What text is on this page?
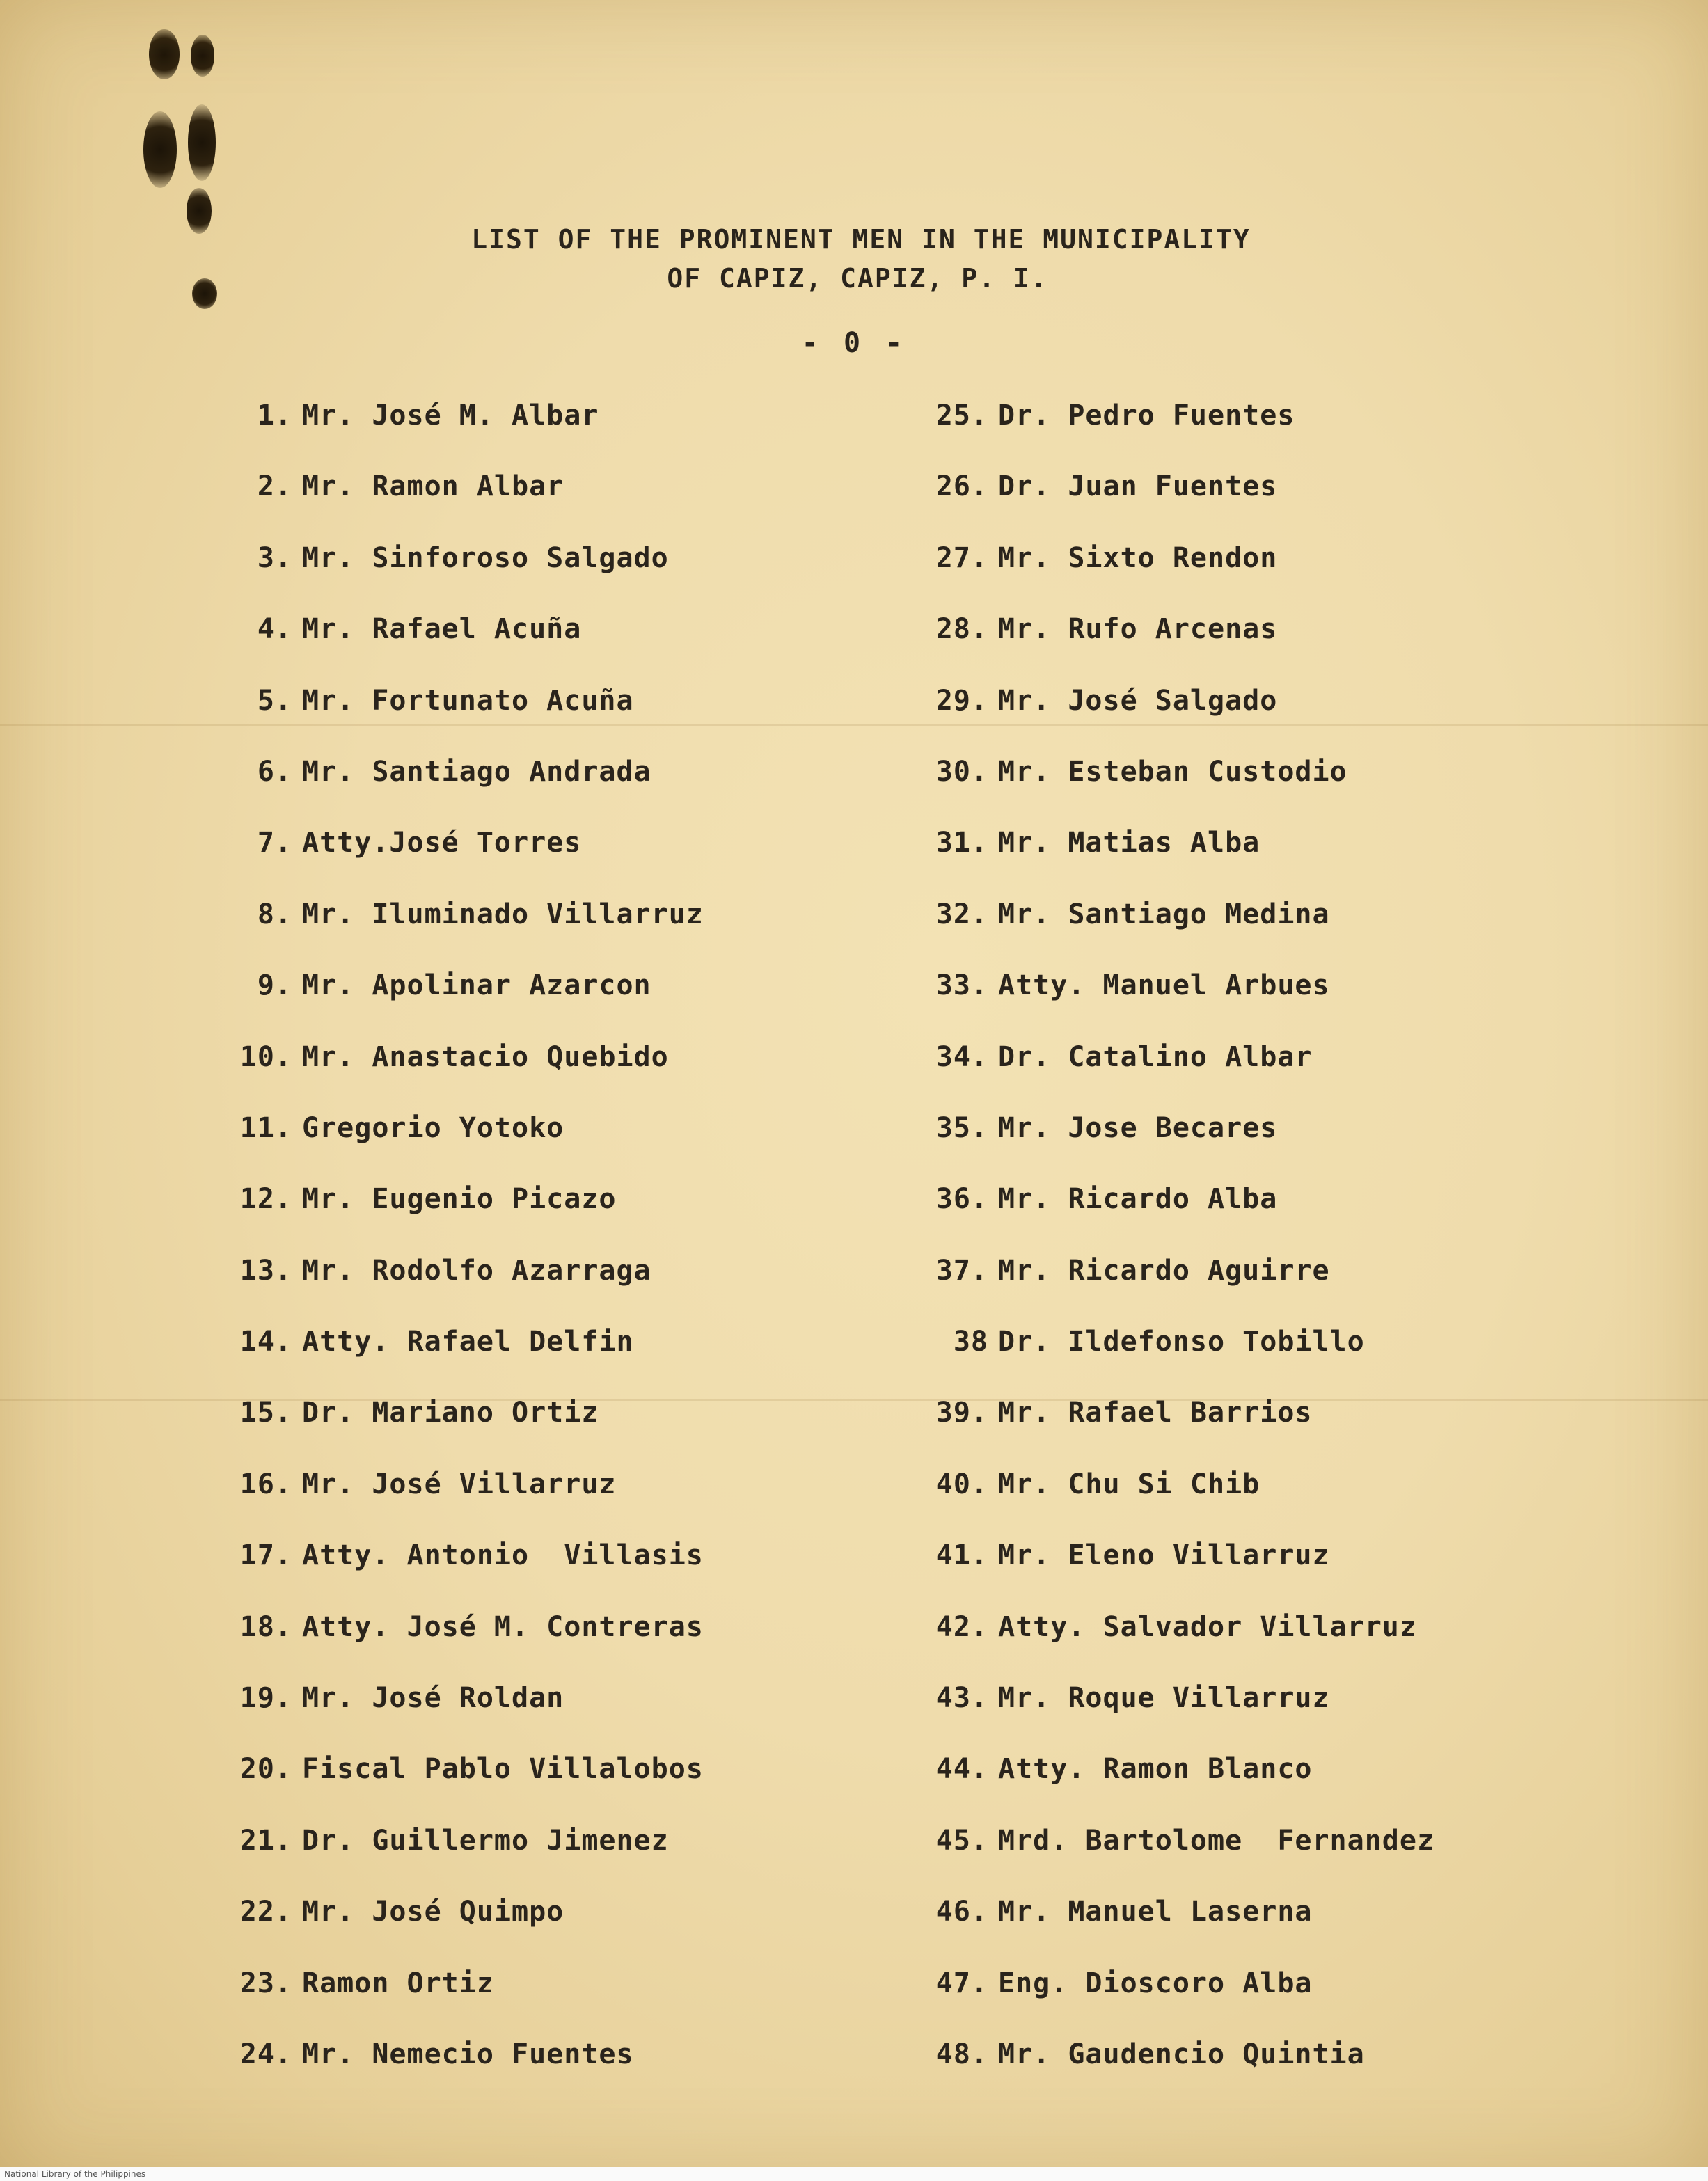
LIST OF THE PROMINENT MEN IN THE MUNICIPALITY
OF CAPIZ, CAPIZ, P. I.
- 0 -
1. Mr. José M. Albar
2. Mr. Ramon Albar
3. Mr. Sinforoso Salgado
4. Mr. Rafael Acuña
5. Mr. Fortunato Acuña
6. Mr. Santiago Andrada
7. Atty.José Torres
8. Mr. Iluminado Villarruz
9. Mr. Apolinar Azarcon
10. Mr. Anastacio Quebido
11. Gregorio Yotoko
12. Mr. Eugenio Picazo
13. Mr. Rodolfo Azarraga
14. Atty. Rafael Delfin
15. Dr. Mariano Ortiz
16. Mr. José Villarruz
17. Atty. Antonio  Villasis
18. Atty. José M. Contreras
19. Mr. José Roldan
20. Fiscal Pablo Villalobos
21. Dr. Guillermo Jimenez
22. Mr. José Quimpo
23. Ramon Ortiz
24. Mr. Nemecio Fuentes
25. Dr. Pedro Fuentes
26. Dr. Juan Fuentes
27. Mr. Sixto Rendon
28. Mr. Rufo Arcenas
29. Mr. José Salgado
30. Mr. Esteban Custodio
31. Mr. Matias Alba
32. Mr. Santiago Medina
33. Atty. Manuel Arbues
34. Dr. Catalino Albar
35. Mr. Jose Becares
36. Mr. Ricardo Alba
37. Mr. Ricardo Aguirre
38 Dr. Ildefonso Tobillo
39. Mr. Rafael Barrios
40. Mr. Chu Si Chib
41. Mr. Eleno Villarruz
42. Atty. Salvador Villarruz
43. Mr. Roque Villarruz
44. Atty. Ramon Blanco
45. Mrd. Bartolome  Fernandez
46. Mr. Manuel Laserna
47. Eng. Dioscoro Alba
48. Mr. Gaudencio Quintia
National Library of the Philippines
